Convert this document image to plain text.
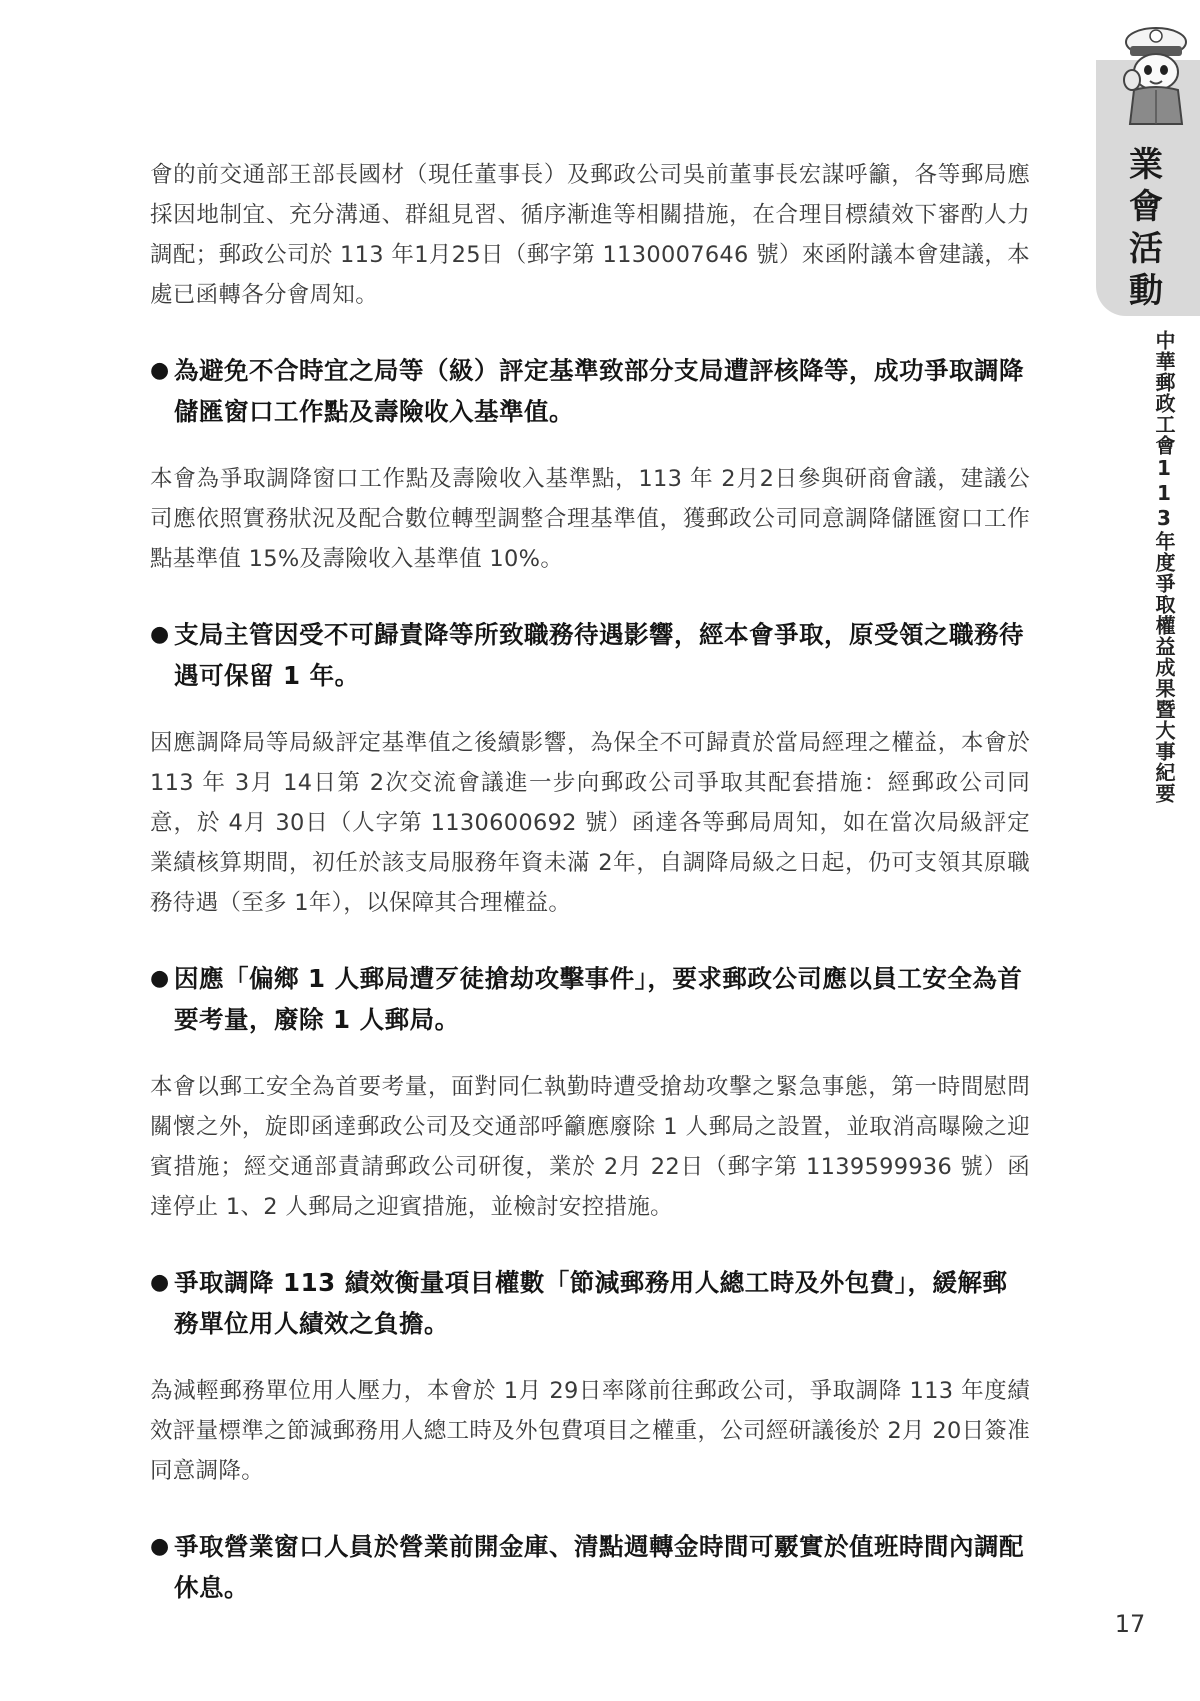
業
會
活
動
中華郵政工會113年度爭取權益成果暨大事紀要

會的前交通部王部長國材（現任董事長）及郵政公司吳前董事長宏謀呼籲，各等郵局應採因地制宜、充分溝通、群組見習、循序漸進等相關措施，在合理目標績效下審酌人力調配；郵政公司於 113 年1月25日（郵字第 1130007646 號）來函附議本會建議，本處已函轉各分會周知。

● 為避免不合時宜之局等（級）評定基準致部分支局遭評核降等，成功爭取調降儲匯窗口工作點及壽險收入基準值。

本會為爭取調降窗口工作點及壽險收入基準點，113 年 2月2日參與研商會議，建議公司應依照實務狀況及配合數位轉型調整合理基準值，獲郵政公司同意調降儲匯窗口工作點基準值 15%及壽險收入基準值 10%。

● 支局主管因受不可歸責降等所致職務待遇影響，經本會爭取，原受領之職務待遇可保留 1 年。

因應調降局等局級評定基準值之後續影響，為保全不可歸責於當局經理之權益，本會於 113 年 3月 14日第 2次交流會議進一步向郵政公司爭取其配套措施：經郵政公司同意，於 4月 30日（人字第 1130600692 號）函達各等郵局周知，如在當次局級評定業績核算期間，初任於該支局服務年資未滿 2年，自調降局級之日起，仍可支領其原職務待遇（至多 1年），以保障其合理權益。

● 因應「偏鄉 1 人郵局遭歹徒搶劫攻擊事件」，要求郵政公司應以員工安全為首要考量，廢除 1 人郵局。

本會以郵工安全為首要考量，面對同仁執勤時遭受搶劫攻擊之緊急事態，第一時間慰問關懷之外，旋即函達郵政公司及交通部呼籲應廢除 1 人郵局之設置，並取消高曝險之迎賓措施；經交通部責請郵政公司研復，業於 2月 22日（郵字第 1139599936 號）函達停止 1、2 人郵局之迎賓措施，並檢討安控措施。

● 爭取調降 113 績效衡量項目權數「節減郵務用人總工時及外包費」，緩解郵務單位用人績效之負擔。

為減輕郵務單位用人壓力，本會於 1月 29日率隊前往郵政公司，爭取調降 113 年度績效評量標準之節減郵務用人總工時及外包費項目之權重，公司經研議後於 2月 20日簽准同意調降。

● 爭取營業窗口人員於營業前開金庫、清點週轉金時間可覈實於值班時間內調配休息。
17
